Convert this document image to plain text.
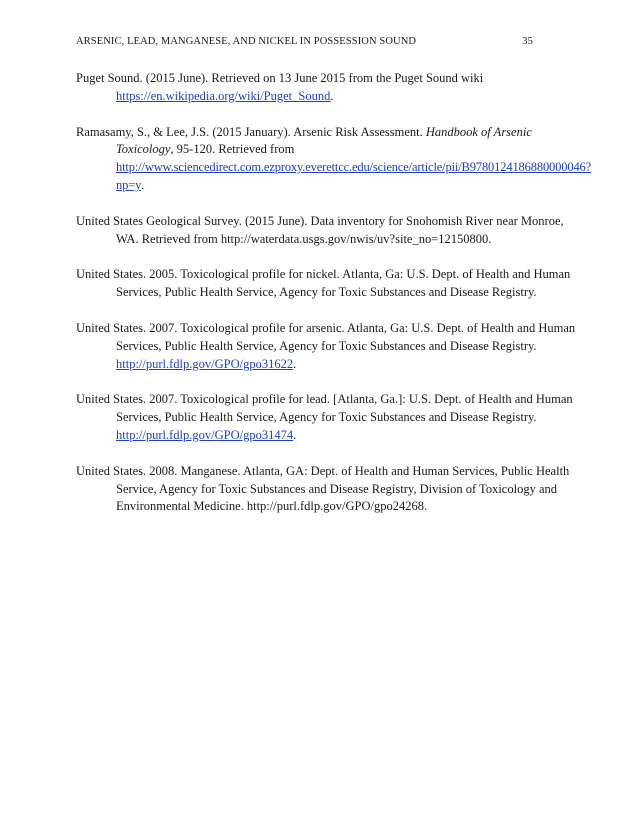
ARSENIC, LEAD, MANGANESE, AND NICKEL IN POSSESSION SOUND	35

Puget Sound. (2015 June). Retrieved on 13 June 2015 from the Puget Sound wiki https://en.wikipedia.org/wiki/Puget_Sound.

Ramasamy, S., & Lee, J.S. (2015 January). Arsenic Risk Assessment. Handbook of Arsenic Toxicology, 95-120. Retrieved from http://www.sciencedirect.com.ezproxy.everettcc.edu/science/article/pii/B9780124186880000046?np=y.

United States Geological Survey. (2015 June). Data inventory for Snohomish River near Monroe, WA. Retrieved from http://waterdata.usgs.gov/nwis/uv?site_no=12150800.

United States. 2005. Toxicological profile for nickel. Atlanta, Ga: U.S. Dept. of Health and Human Services, Public Health Service, Agency for Toxic Substances and Disease Registry.

United States. 2007. Toxicological profile for arsenic. Atlanta, Ga: U.S. Dept. of Health and Human Services, Public Health Service, Agency for Toxic Substances and Disease Registry. http://purl.fdlp.gov/GPO/gpo31622.

United States. 2007. Toxicological profile for lead. [Atlanta, Ga.]: U.S. Dept. of Health and Human Services, Public Health Service, Agency for Toxic Substances and Disease Registry. http://purl.fdlp.gov/GPO/gpo31474.

United States. 2008. Manganese. Atlanta, GA: Dept. of Health and Human Services, Public Health Service, Agency for Toxic Substances and Disease Registry, Division of Toxicology and Environmental Medicine. http://purl.fdlp.gov/GPO/gpo24268.
